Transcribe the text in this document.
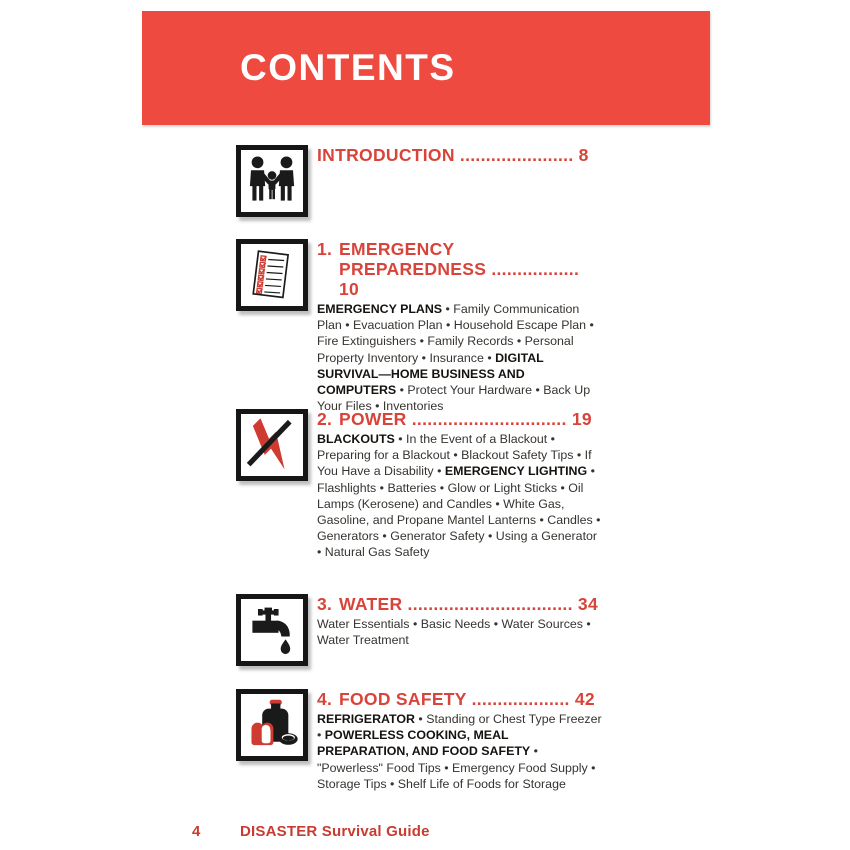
CONTENTS
INTRODUCTION ...................... 8
1. EMERGENCY
PREPAREDNESS ................. 10
EMERGENCY PLANS • Family Communication Plan • Evacuation Plan • Household Escape Plan • Fire Extinguishers • Family Records • Personal Property Inventory • Insurance • DIGITAL SURVIVAL—HOME BUSINESS AND COMPUTERS • Protect Your Hardware • Back Up Your Files • Inventories
2. POWER .............................. 19
BLACKOUTS • In the Event of a Blackout • Preparing for a Blackout • Blackout Safety Tips • If You Have a Disability • EMERGENCY LIGHTING • Flashlights • Batteries • Glow or Light Sticks • Oil Lamps (Kerosene) and Candles • White Gas, Gasoline, and Propane Mantel Lanterns • Candles • Generators • Generator Safety • Using a Generator • Natural Gas Safety
3. WATER ................................ 34
Water Essentials • Basic Needs • Water Sources • Water Treatment
4. FOOD SAFETY ................... 42
REFRIGERATOR • Standing or Chest Type Freezer • POWERLESS COOKING, MEAL PREPARATION, AND FOOD SAFETY • "Powerless" Food Tips • Emergency Food Supply • Storage Tips • Shelf Life of Foods for Storage
4	DISASTER Survival Guide
